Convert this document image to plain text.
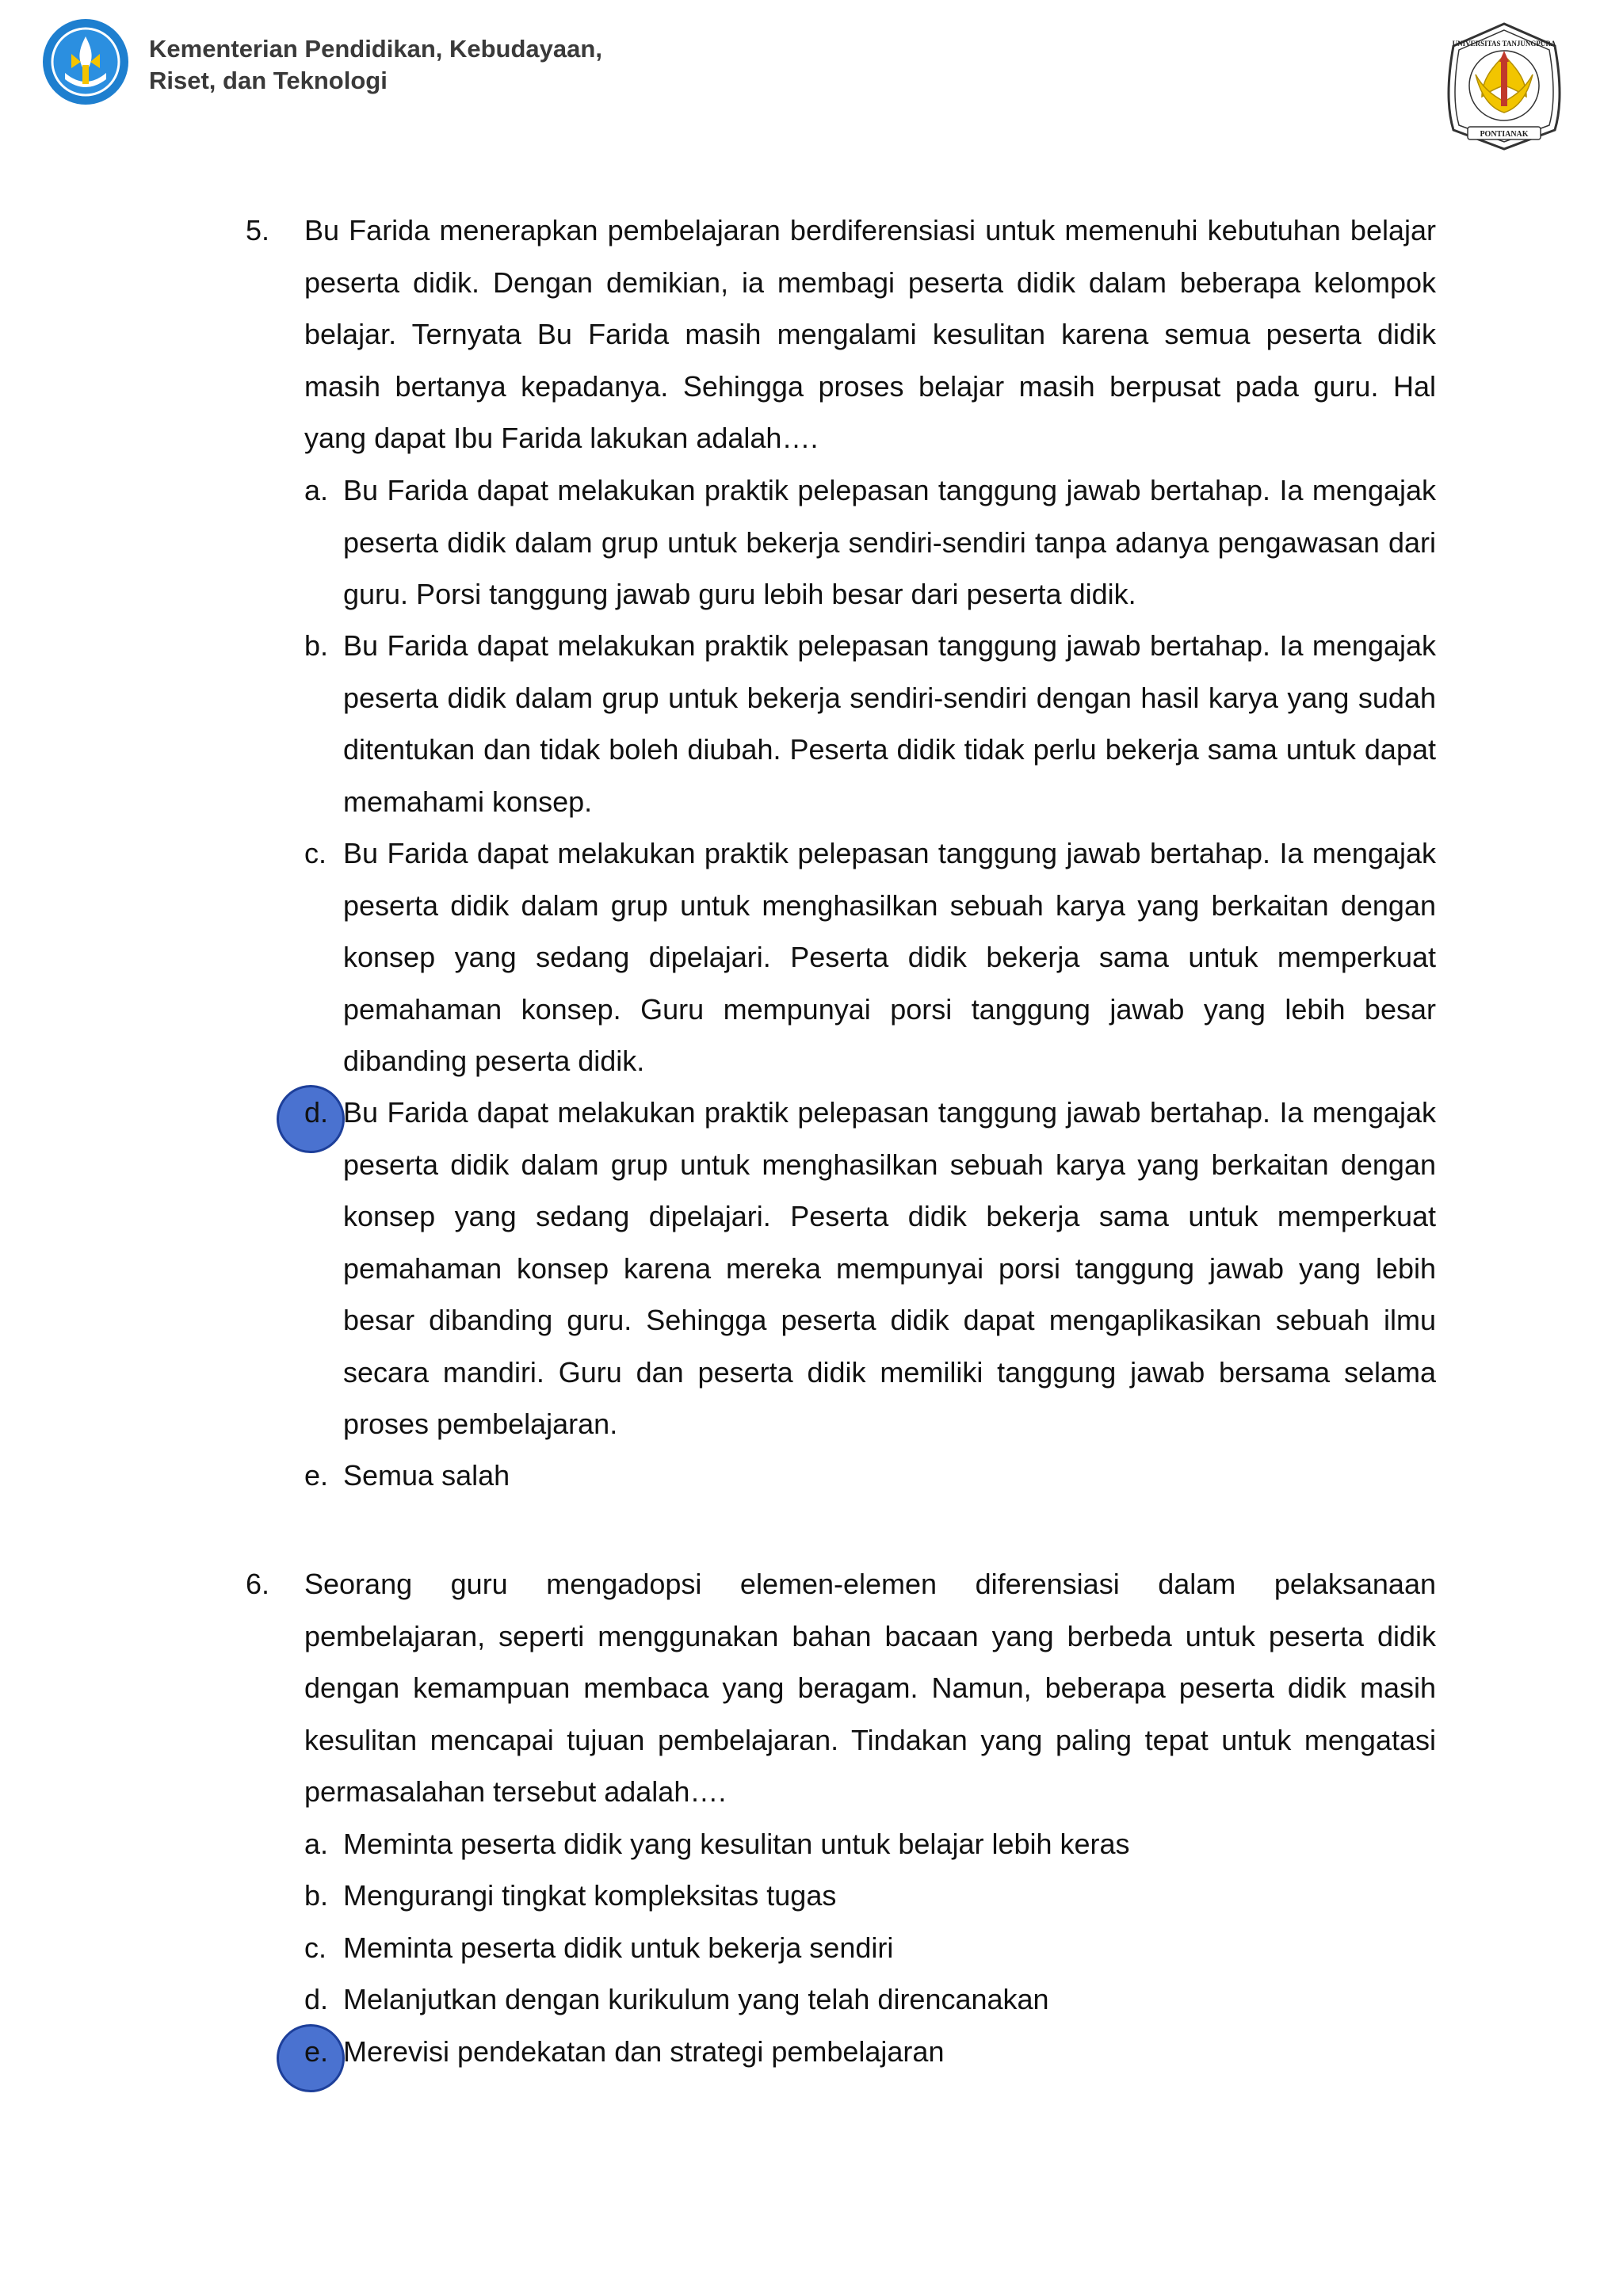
Kementerian Pendidikan, Kebudayaan,
Riset, dan Teknologi
PONTIANAK
UNIVERSITAS TANJUNGPURA
5. Bu Farida menerapkan pembelajaran berdiferensiasi untuk memenuhi kebutuhan belajar peserta didik. Dengan demikian, ia membagi peserta didik dalam beberapa kelompok belajar. Ternyata Bu Farida masih mengalami kesulitan karena semua peserta didik masih bertanya kepadanya. Sehingga proses belajar masih berpusat pada guru. Hal yang dapat Ibu Farida lakukan adalah….
a. Bu Farida dapat melakukan praktik pelepasan tanggung jawab bertahap. Ia mengajak peserta didik dalam grup untuk bekerja sendiri-sendiri tanpa adanya pengawasan dari guru. Porsi tanggung jawab guru lebih besar dari peserta didik.
b. Bu Farida dapat melakukan praktik pelepasan tanggung jawab bertahap. Ia mengajak peserta didik dalam grup untuk bekerja sendiri-sendiri dengan hasil karya yang sudah ditentukan dan tidak boleh diubah. Peserta didik tidak perlu bekerja sama untuk dapat memahami konsep.
c. Bu Farida dapat melakukan praktik pelepasan tanggung jawab bertahap. Ia mengajak peserta didik dalam grup untuk menghasilkan sebuah karya yang berkaitan dengan konsep yang sedang dipelajari. Peserta didik bekerja sama untuk memperkuat pemahaman konsep. Guru mempunyai porsi tanggung jawab yang lebih besar dibanding peserta didik.
d. Bu Farida dapat melakukan praktik pelepasan tanggung jawab bertahap. Ia mengajak peserta didik dalam grup untuk menghasilkan sebuah karya yang berkaitan dengan konsep yang sedang dipelajari. Peserta didik bekerja sama untuk memperkuat pemahaman konsep karena mereka mempunyai porsi tanggung jawab yang lebih besar dibanding guru. Sehingga peserta didik dapat mengaplikasikan sebuah ilmu secara mandiri. Guru dan peserta didik memiliki tanggung jawab bersama selama proses pembelajaran.
e. Semua salah
6. Seorang guru mengadopsi elemen-elemen diferensiasi dalam pelaksanaan pembelajaran, seperti menggunakan bahan bacaan yang berbeda untuk peserta didik dengan kemampuan membaca yang beragam. Namun, beberapa peserta didik masih kesulitan mencapai tujuan pembelajaran. Tindakan yang paling tepat untuk mengatasi permasalahan tersebut adalah….
a. Meminta peserta didik yang kesulitan untuk belajar lebih keras
b. Mengurangi tingkat kompleksitas tugas
c. Meminta peserta didik untuk bekerja sendiri
d. Melanjutkan dengan kurikulum yang telah direncanakan
e. Merevisi pendekatan dan strategi pembelajaran
